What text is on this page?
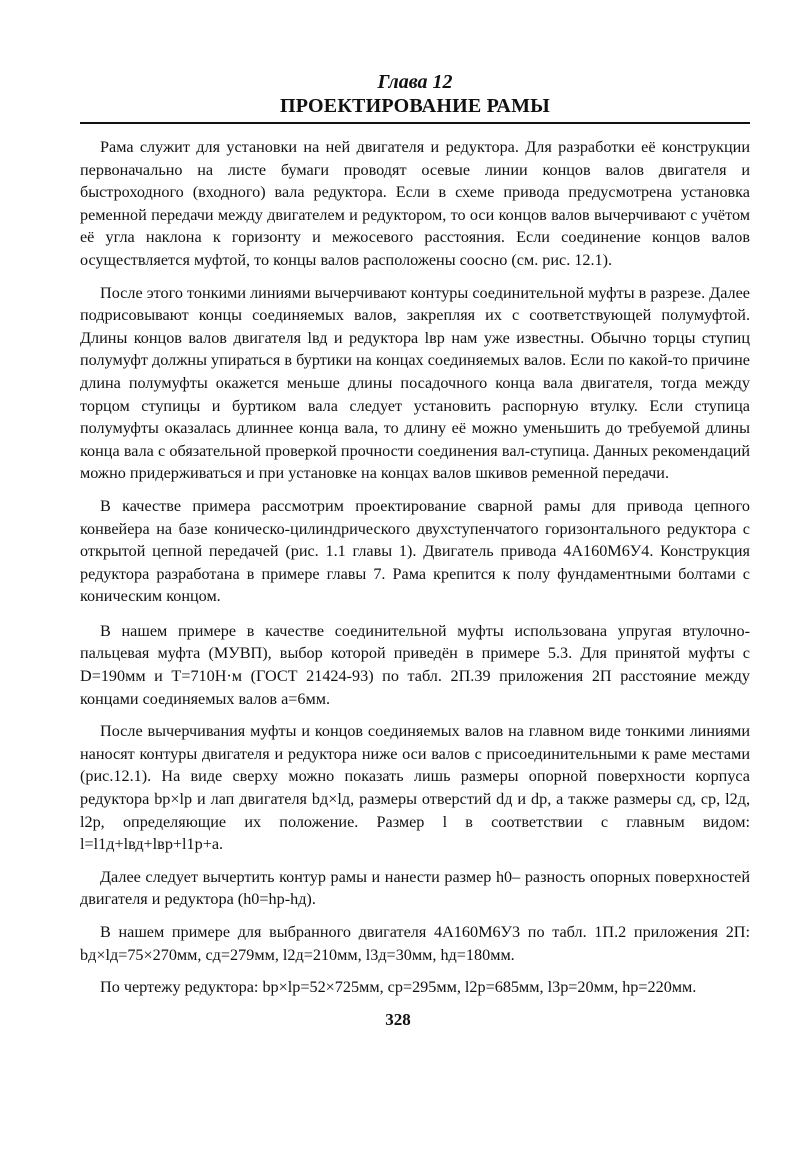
Глава 12
ПРОЕКТИРОВАНИЕ РАМЫ

Рама служит для установки на ней двигателя и редуктора. Для разработки её конструкции первоначально на листе бумаги проводят осевые линии концов валов двигателя и быстроходного (входного) вала редуктора. Если в схеме привода предусмотрена установка ременной передачи между двигателем и редуктором, то оси концов валов вычерчивают с учётом её угла наклона к горизонту и межосевого расстояния. Если соединение концов валов осуществляется муфтой, то концы валов расположены соосно (см. рис. 12.1).

После этого тонкими линиями вычерчивают контуры соединительной муфты в разрезе. Далее подрисовывают концы соединяемых валов, закрепляя их с соответствующей полумуфтой. Длины концов валов двигателя lвд и редуктора lвр нам уже известны. Обычно торцы ступиц полумуфт должны упираться в буртики на концах соединяемых валов. Если по какой-то причине длина полумуфты окажется меньше длины посадочного конца вала двигателя, тогда между торцом ступицы и буртиком вала следует установить распорную втулку. Если ступица полумуфты оказалась длиннее конца вала, то длину её можно уменьшить до требуемой длины конца вала с обязательной проверкой прочности соединения вал-ступица. Данных рекомендаций можно придерживаться и при установке на концах валов шкивов ременной передачи.

В качестве примера рассмотрим проектирование сварной рамы для привода цепного конвейера на базе коническо-цилиндрического двухступенчатого горизонтального редуктора с открытой цепной передачей (рис. 1.1 главы 1). Двигатель привода 4А160М6У4. Конструкция редуктора разработана в примере главы 7. Рама крепится к полу фундаментными болтами с коническим концом.

В нашем примере в качестве соединительной муфты использована упругая втулочно-пальцевая муфта (МУВП), выбор которой приведён в примере 5.3. Для принятой муфты с D=190мм и T=710Н·м (ГОСТ 21424-93) по табл. 2П.39 приложения 2П расстояние между концами соединяемых валов a=6мм.

После вычерчивания муфты и концов соединяемых валов на главном виде тонкими линиями наносят контуры двигателя и редуктора ниже оси валов с присоединительными к раме местами (рис.12.1). На виде сверху можно показать лишь размеры опорной поверхности корпуса редуктора bр×lр и лап двигателя bд×lд, размеры отверстий dд и dр, а также размеры cд, cр, l2д, l2р, определяющие их положение. Размер l в соответствии с главным видом: l=l1д+lвд+lвр+l1р+a.

Далее следует вычертить контур рамы и нанести размер h0– разность опорных поверхностей двигателя и редуктора (h0=hр-hд).

В нашем примере для выбранного двигателя 4А160М6У3 по табл. 1П.2 приложения 2П: bд×lд=75×270мм, cд=279мм, l2д=210мм, l3д=30мм, hд=180мм.

По чертежу редуктора: bр×lр=52×725мм, cр=295мм, l2р=685мм, l3р=20мм, hр=220мм.

328
